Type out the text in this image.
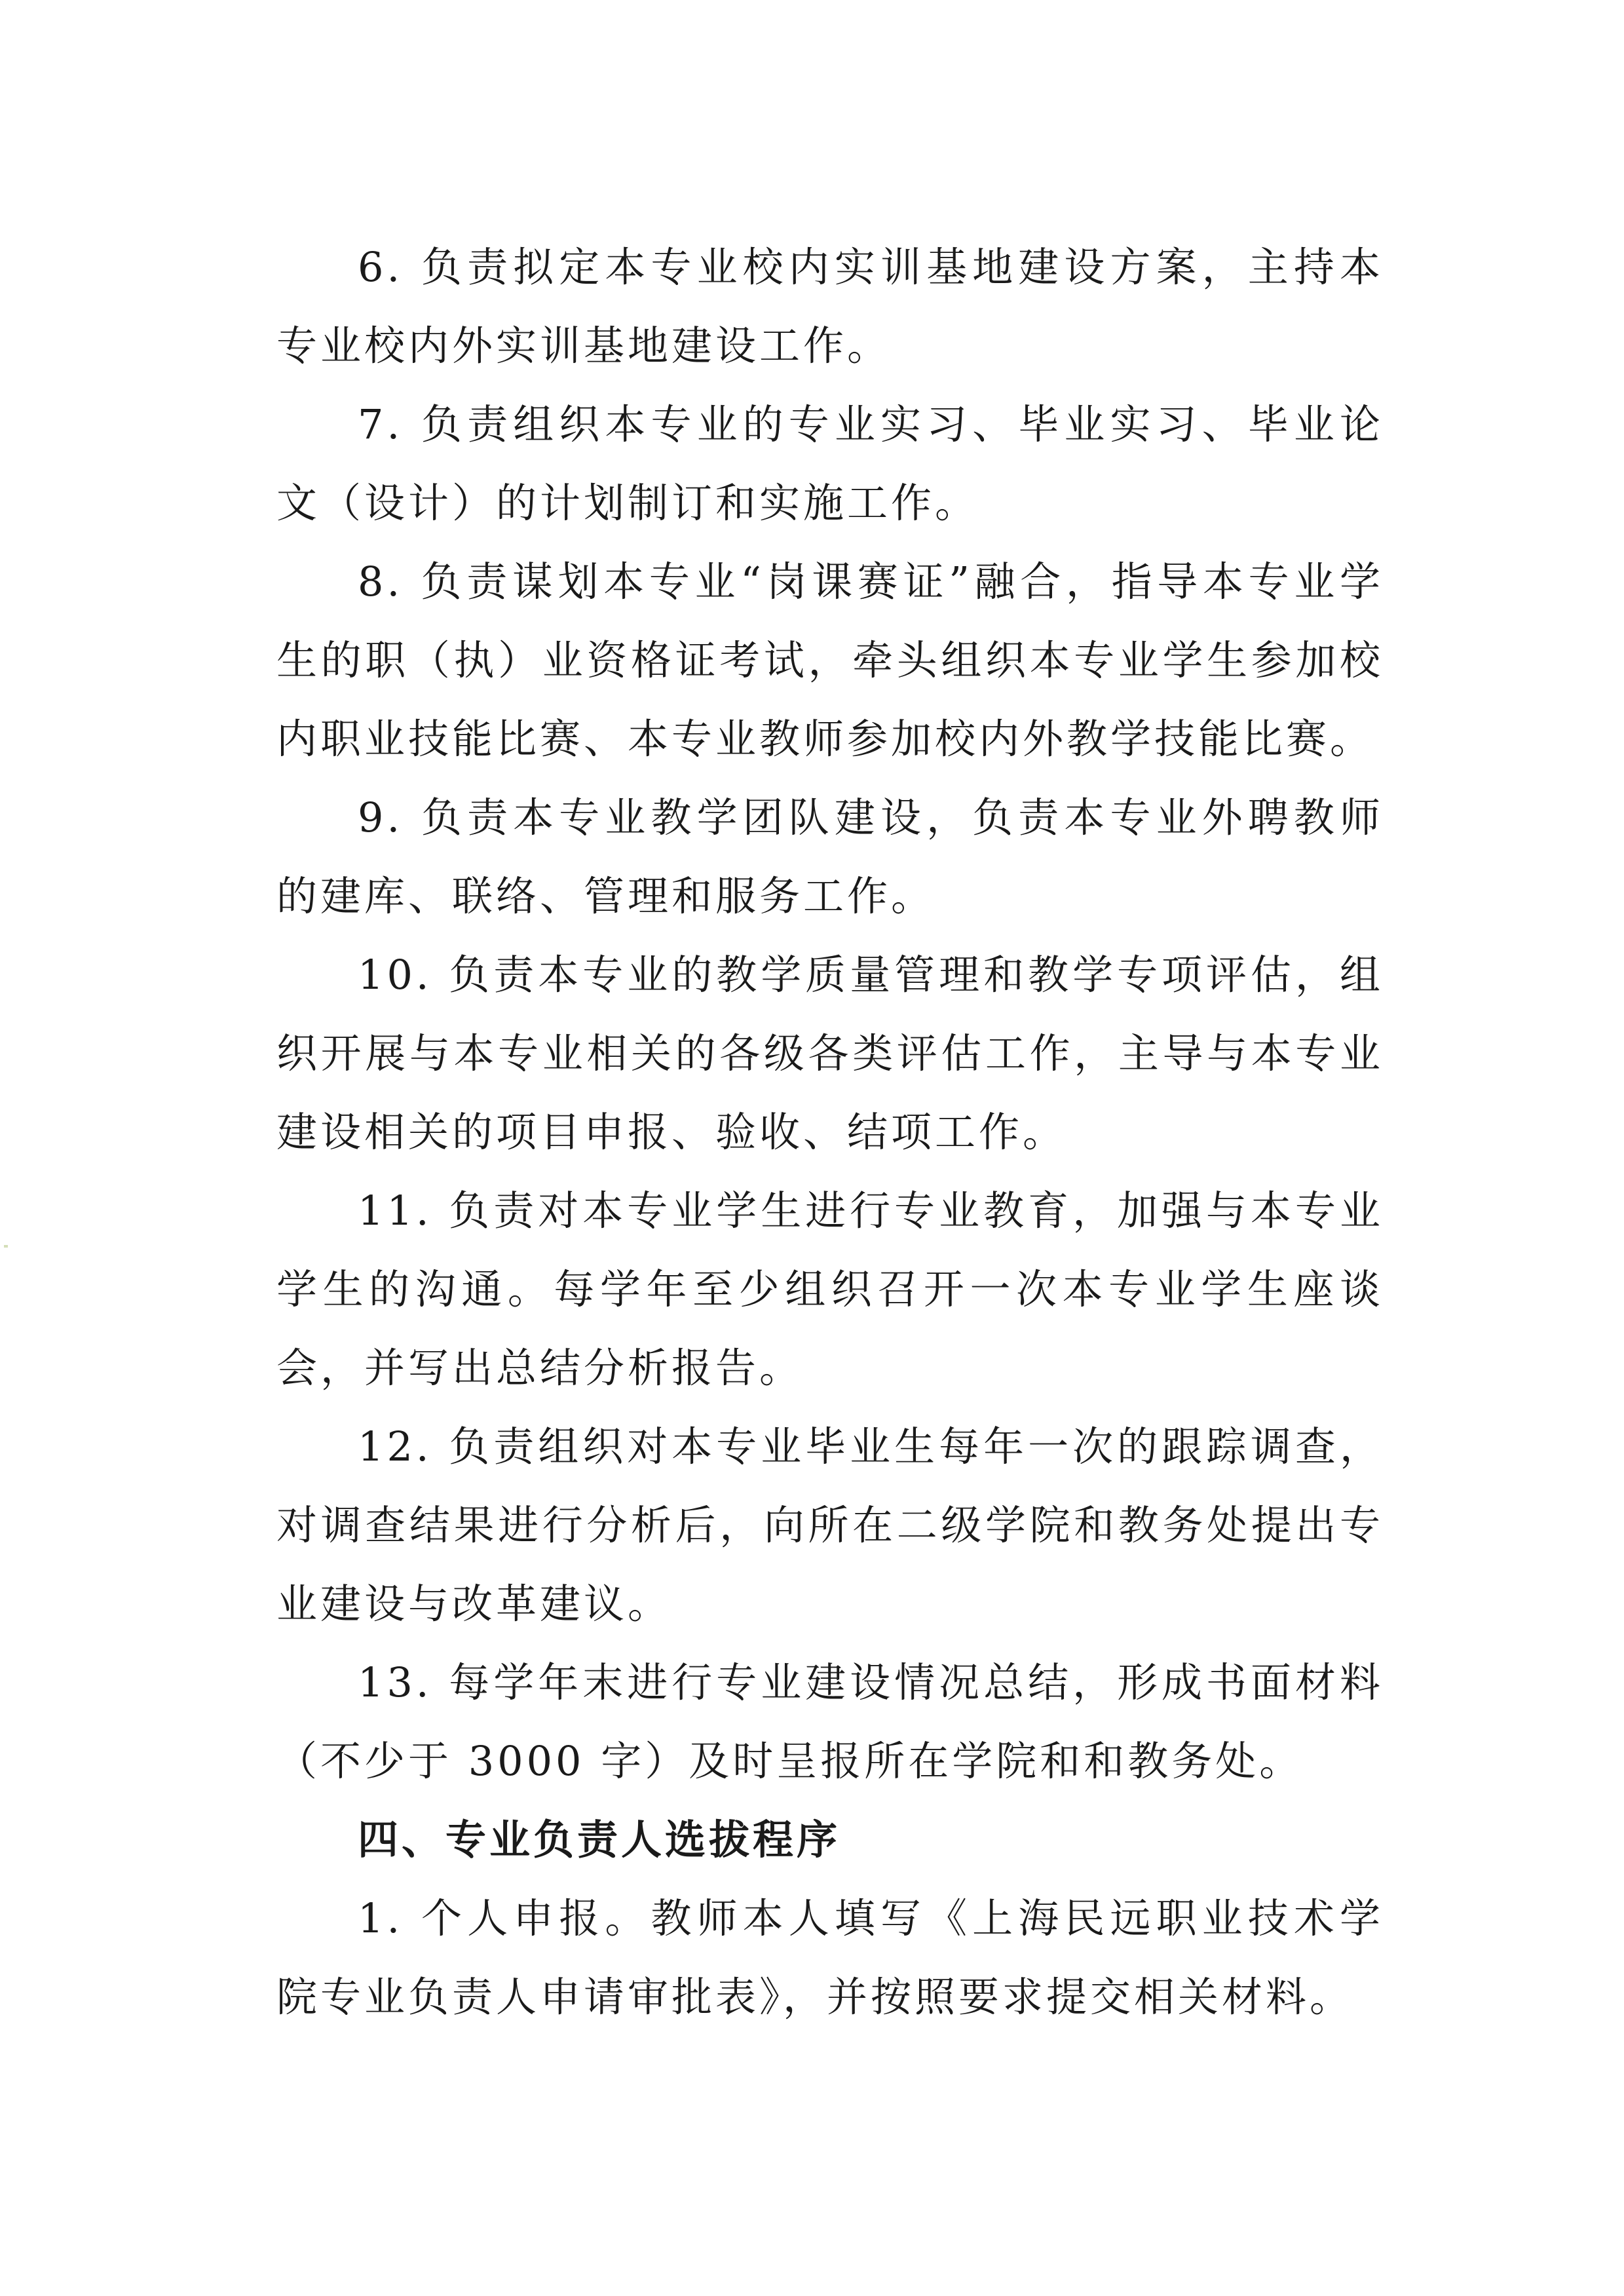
6. 负责拟定本专业校内实训基地建设方案，主持本专业校内外实训基地建设工作。

7. 负责组织本专业的专业实习、毕业实习、毕业论文（设计）的计划制订和实施工作。

8. 负责谋划本专业“岗课赛证”融合，指导本专业学生的职（执）业资格证考试，牵头组织本专业学生参加校内职业技能比赛、本专业教师参加校内外教学技能比赛。

9. 负责本专业教学团队建设，负责本专业外聘教师的建库、联络、管理和服务工作。

10. 负责本专业的教学质量管理和教学专项评估，组织开展与本专业相关的各级各类评估工作，主导与本专业建设相关的项目申报、验收、结项工作。

11. 负责对本专业学生进行专业教育，加强与本专业学生的沟通。每学年至少组织召开一次本专业学生座谈会，并写出总结分析报告。

12. 负责组织对本专业毕业生每年一次的跟踪调查，对调查结果进行分析后，向所在二级学院和教务处提出专业建设与改革建议。

13. 每学年末进行专业建设情况总结，形成书面材料（不少于 3000 字）及时呈报所在学院和和教务处。

四、专业负责人选拔程序

1. 个人申报。教师本人填写《上海民远职业技术学院专业负责人申请审批表》，并按照要求提交相关材料。
